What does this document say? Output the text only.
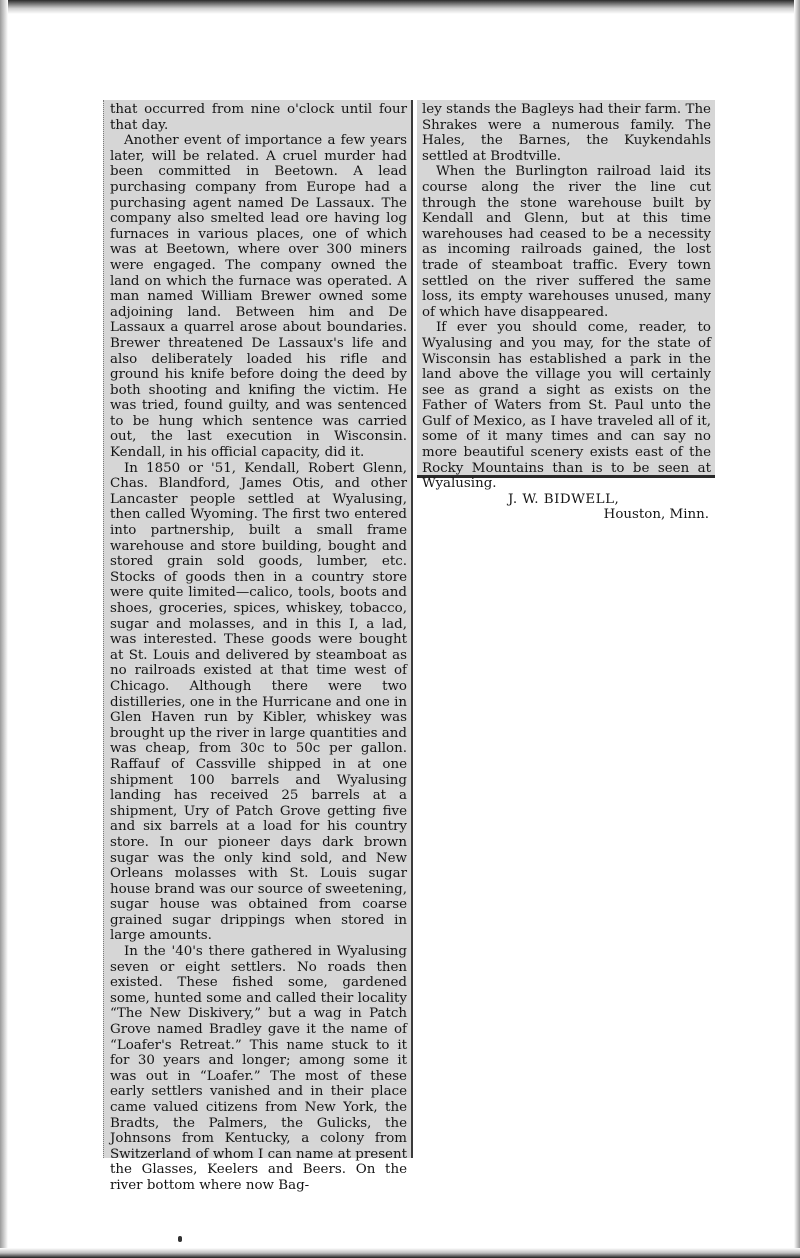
that occurred from nine o'clock until four that day.

Another event of importance a few years later, will be related. A cruel murder had been committed in Beetown. A lead purchasing company from Europe had a purchasing agent named De Lassaux. The company also smelted lead ore having log furnaces in various places, one of which was at Beetown, where over 300 miners were engaged. The company owned the land on which the furnace was operated. A man named William Brewer owned some adjoining land. Between him and De Lassaux a quarrel arose about boundaries. Brewer threatened De Lassaux's life and also deliberately loaded his rifle and ground his knife before doing the deed by both shooting and knifing the victim. He was tried, found guilty, and was sentenced to be hung which sentence was carried out, the last execution in Wisconsin. Kendall, in his official capacity, did it.

In 1850 or '51, Kendall, Robert Glenn, Chas. Blandford, James Otis, and other Lancaster people settled at Wyalusing, then called Wyoming. The first two entered into partnership, built a small frame warehouse and store building, bought and stored grain sold goods, lumber, etc. Stocks of goods then in a country store were quite limited—calico, tools, boots and shoes, groceries, spices, whiskey, tobacco, sugar and molasses, and in this I, a lad, was interested. These goods were bought at St. Louis and delivered by steamboat as no railroads existed at that time west of Chicago. Although there were two distilleries, one in the Hurricane and one in Glen Haven run by Kibler, whiskey was brought up the river in large quantities and was cheap, from 30c to 50c per gallon. Raffauf of Cassville shipped in at one shipment 100 barrels and Wyalusing landing has received 25 barrels at a shipment, Ury of Patch Grove getting five and six barrels at a load for his country store. In our pioneer days dark brown sugar was the only kind sold, and New Orleans molasses with St. Louis sugar house brand was our source of sweetening, sugar house was obtained from coarse grained sugar drippings when stored in large amounts.

In the '40's there gathered in Wyalusing seven or eight settlers. No roads then existed. These fished some, gardened some, hunted some and called their locality “The New Diskivery,” but a wag in Patch Grove named Bradley gave it the name of “Loafer's Retreat.” This name stuck to it for 30 years and longer; among some it was out in “Loafer.” The most of these early settlers vanished and in their place came valued citizens from New York, the Bradts, the Palmers, the Gulicks, the Johnsons from Kentucky, a colony from Switzerland of whom I can name at present the Glasses, Keelers and Beers. On the river bottom where now Bag-

ley stands the Bagleys had their farm. The Shrakes were a numerous family. The Hales, the Barnes, the Kuykendahls settled at Brodtville.

When the Burlington railroad laid its course along the river the line cut through the stone warehouse built by Kendall and Glenn, but at this time warehouses had ceased to be a necessity as incoming railroads gained, the lost trade of steamboat traffic. Every town settled on the river suffered the same loss, its empty warehouses unused, many of which have disappeared.

If ever you should come, reader, to Wyalusing and you may, for the state of Wisconsin has established a park in the land above the village you will certainly see as grand a sight as exists on the Father of Waters from St. Paul unto the Gulf of Mexico, as I have traveled all of it, some of it many times and can say no more beautiful scenery exists east of the Rocky Mountains than is to be seen at Wyalusing.

J. W. BIDWELL,

Houston, Minn.
